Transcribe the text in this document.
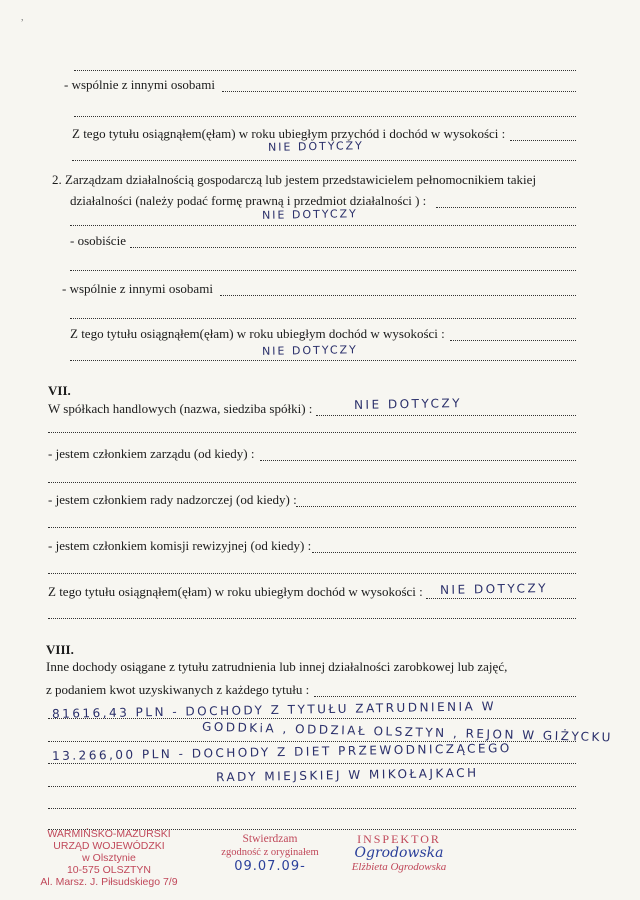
,
- wspólnie z innymi osobami
Z tego tytułu osiągnąłem(ęłam) w roku ubiegłym przychód i dochód w wysokości :
NIE DOTYCZY
2. Zarządzam działalnością gospodarczą lub jestem przedstawicielem pełnomocnikiem takiej
działalności (należy podać formę prawną i przedmiot działalności ) :
NIE DOTYCZY
- osobiście
- wspólnie z innymi osobami
Z tego tytułu osiągnąłem(ęłam) w roku ubiegłym dochód w wysokości :
NIE DOTYCZY
VII.
W spółkach handlowych (nazwa, siedziba spółki) :	NIE DOTYCZY
- jestem członkiem zarządu (od kiedy) :
- jestem członkiem rady nadzorczej (od kiedy) :
- jestem członkiem komisji rewizyjnej (od kiedy) :
Z tego tytułu osiągnąłem(ęłam) w roku ubiegłym dochód w wysokości : NIE DOTYCZY
VIII.
Inne dochody osiągane z tytułu zatrudnienia lub innej działalności zarobkowej lub zajęć,
z podaniem kwot uzyskiwanych z każdego tytułu :
81616,43 PLN - DOCHODY Z TYTUŁU ZATRUDNIENIA W
GODDKiA , ODDZIAŁ OLSZTYN , REJON W GIŻYCKU
13.266,00 PLN - DOCHODY Z DIET PRZEWODNICZĄCEGO
RADY MIEJSKIEJ W MIKOŁAJKACH
WARMIŃSKO-MAZURSKI
URZĄD WOJEWÓDZKI
w Olsztynie
10-575 OLSZTYN
Al. Marsz. J. Piłsudskiego 7/9
Stwierdzam
zgodność z oryginałem
09.07.09-
INSPEKTOR
Ogrodowska
Elżbieta Ogrodowska
